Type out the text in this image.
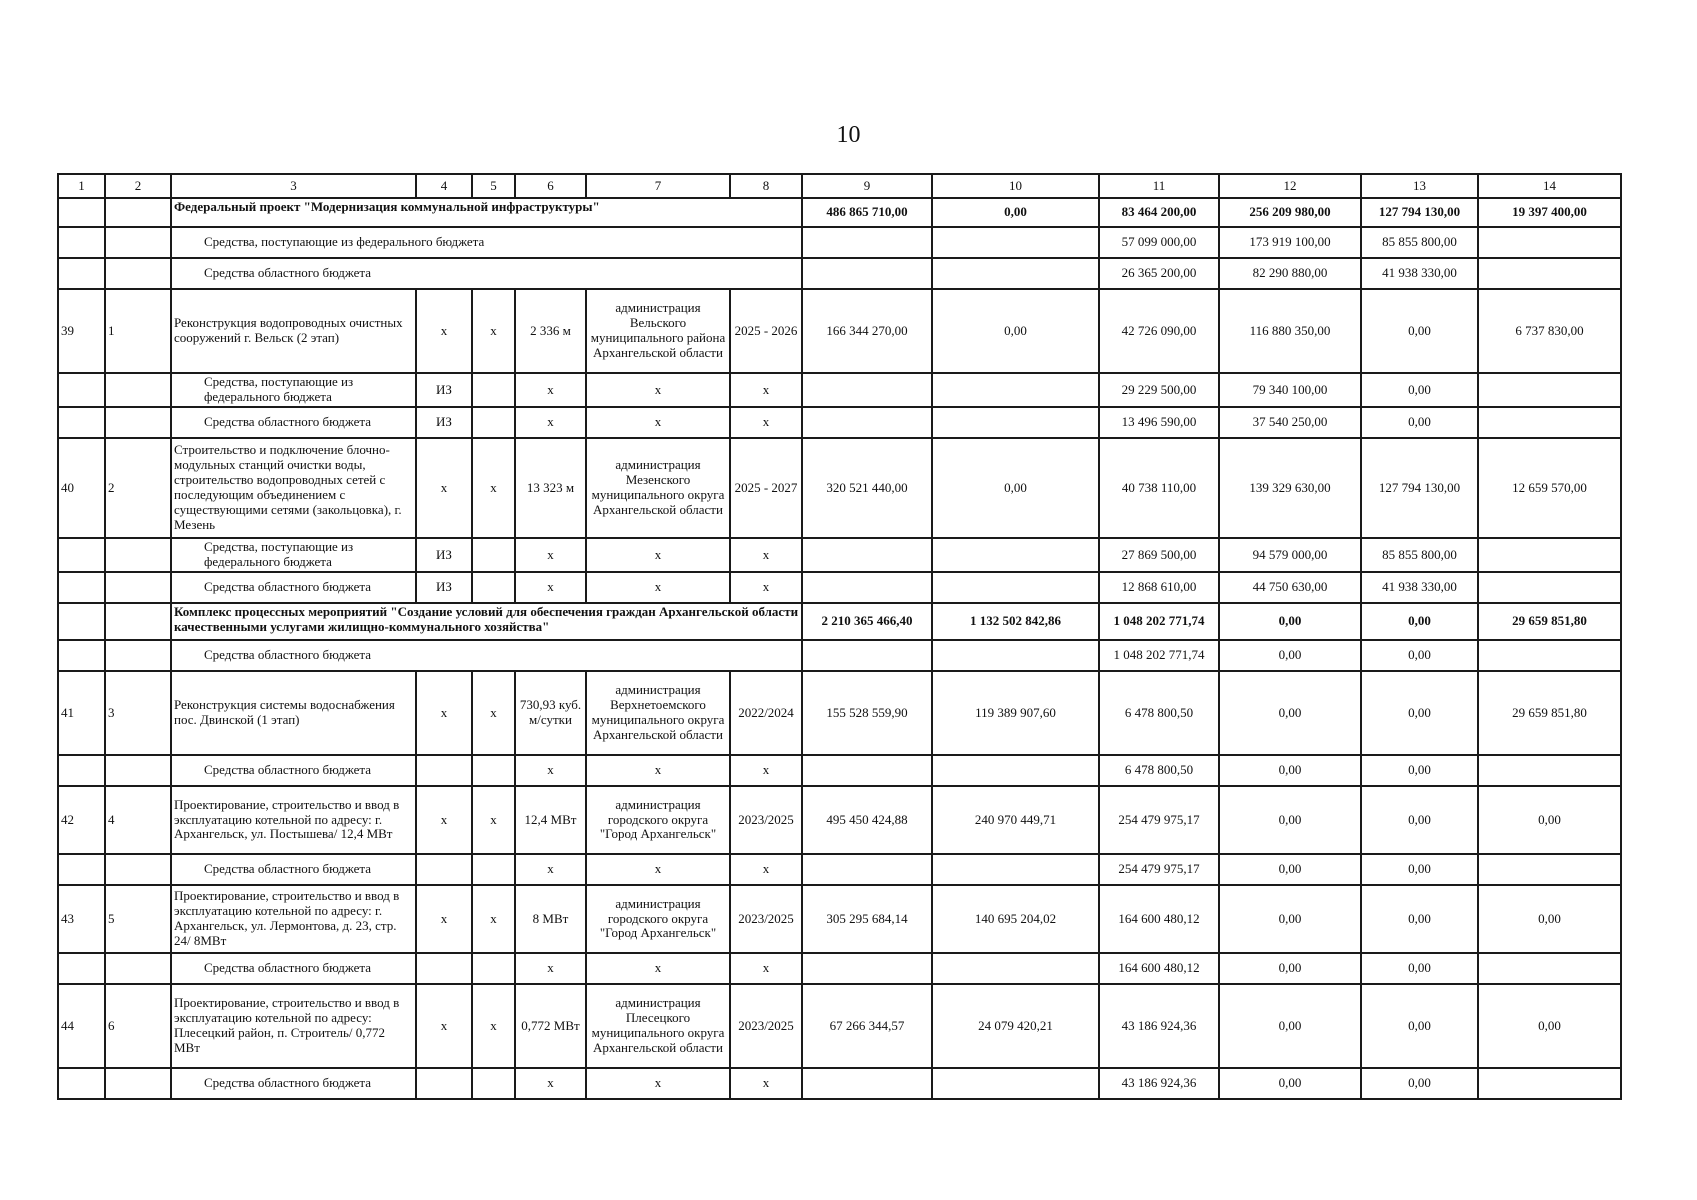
10
1	2	3	4	5	6	7	8	9	10	11	12	13	14
		Федеральный проект "Модернизация коммунальной инфраструктуры"						486 865 710,00	0,00	83 464 200,00	256 209 980,00	127 794 130,00	19 397 400,00
		Средства, поступающие из федерального бюджета								57 099 000,00	173 919 100,00	85 855 800,00	
		Средства областного бюджета								26 365 200,00	82 290 880,00	41 938 330,00	
39	1	Реконструкция водопроводных очистных сооружений г. Вельск (2 этап)	х	х	2 336 м	администрация Вельского муниципального района Архангельской области	2025 - 2026	166 344 270,00	0,00	42 726 090,00	116 880 350,00	0,00	6 737 830,00
		Средства, поступающие из федерального бюджета	ИЗ		х	х	х			29 229 500,00	79 340 100,00	0,00	
		Средства областного бюджета	ИЗ		х	х	х			13 496 590,00	37 540 250,00	0,00	
40	2	Строительство и подключение блочно-модульных станций очистки воды, строительство водопроводных сетей с последующим объединением с существующими сетями (закольцовка), г. Мезень	х	х	13 323 м	администрация Мезенского муниципального округа Архангельской области	2025 - 2027	320 521 440,00	0,00	40 738 110,00	139 329 630,00	127 794 130,00	12 659 570,00
		Средства, поступающие из федерального бюджета	ИЗ		х	х	х			27 869 500,00	94 579 000,00	85 855 800,00	
		Средства областного бюджета	ИЗ		х	х	х			12 868 610,00	44 750 630,00	41 938 330,00	
		Комплекс процессных мероприятий "Создание условий для обеспечения граждан Архангельской области качественными услугами жилищно-коммунального хозяйства"						2 210 365 466,40	1 132 502 842,86	1 048 202 771,74	0,00	0,00	29 659 851,80
		Средства областного бюджета								1 048 202 771,74	0,00	0,00	
41	3	Реконструкция системы водоснабжения пос. Двинской (1 этап)	х	х	730,93 куб. м/сутки	администрация Верхнетоемского муниципального округа Архангельской области	2022/2024	155 528 559,90	119 389 907,60	6 478 800,50	0,00	0,00	29 659 851,80
		Средства областного бюджета			х	х	х			6 478 800,50	0,00	0,00	
42	4	Проектирование, строительство и ввод в эксплуатацию котельной по адресу: г. Архангельск, ул. Постышева/ 12,4 МВт	х	х	12,4 МВт	администрация городского округа "Город Архангельск"	2023/2025	495 450 424,88	240 970 449,71	254 479 975,17	0,00	0,00	0,00
		Средства областного бюджета			х	х	х			254 479 975,17	0,00	0,00	
43	5	Проектирование, строительство и ввод в эксплуатацию котельной по адресу: г. Архангельск, ул. Лермонтова, д. 23, стр. 24/ 8МВт	х	х	8 МВт	администрация городского округа "Город Архангельск"	2023/2025	305 295 684,14	140 695 204,02	164 600 480,12	0,00	0,00	0,00
		Средства областного бюджета			х	х	х			164 600 480,12	0,00	0,00	
44	6	Проектирование, строительство и ввод в эксплуатацию котельной по адресу: Плесецкий район, п. Строитель/ 0,772 МВт	х	х	0,772 МВт	администрация Плесецкого муниципального округа Архангельской области	2023/2025	67 266 344,57	24 079 420,21	43 186 924,36	0,00	0,00	0,00
		Средства областного бюджета			х	х	х			43 186 924,36	0,00	0,00	
